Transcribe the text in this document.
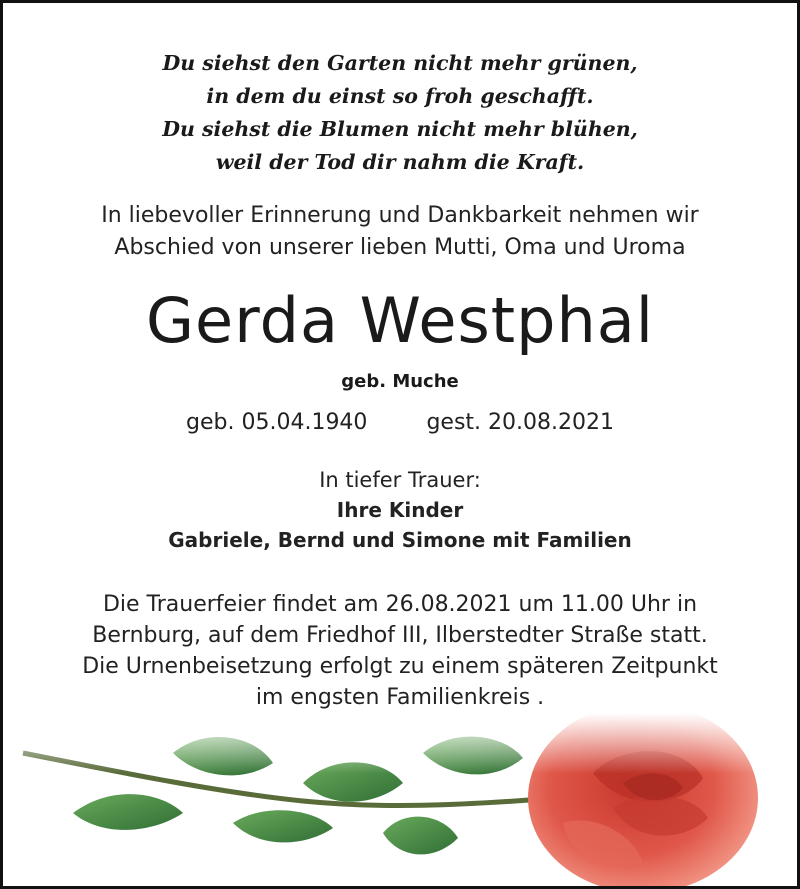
Du siehst den Garten nicht mehr grünen,
in dem du einst so froh geschafft.
Du siehst die Blumen nicht mehr blühen,
weil der Tod dir nahm die Kraft.
In liebevoller Erinnerung und Dankbarkeit nehmen wir
Abschied von unserer lieben Mutti, Oma und Uroma
Gerda Westphal
geb. Muche
geb. 05.04.1940	gest. 20.08.2021
In tiefer Trauer:
Ihre Kinder
Gabriele, Bernd und Simone mit Familien
Die Trauerfeier findet am 26.08.2021 um 11.00 Uhr in
Bernburg, auf dem Friedhof III, Ilberstedter Straße statt.
Die Urnenbeisetzung erfolgt zu einem späteren Zeitpunkt
im engsten Familienkreis .
